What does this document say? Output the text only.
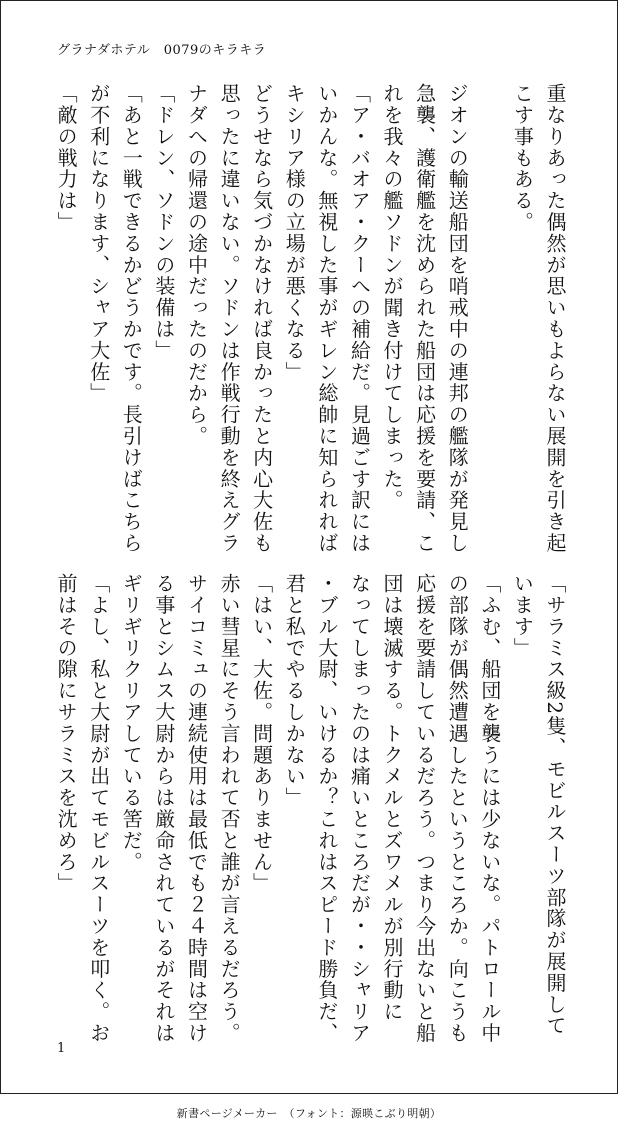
グラナダホテル　0079のキラキラ
重なりあった偶然が思いもよらない展開を引き起
こす事もある。

ジオンの輸送船団を哨戒中の連邦の艦隊が発見し
急襲、護衛艦を沈められた船団は応援を要請、こ
れを我々の艦ソドンが聞き付けてしまった。
「ア・バオア・クーへの補給だ。見過ごす訳には
いかんな。無視した事がギレン総帥に知られれば
キシリア様の立場が悪くなる」
どうせなら気づかなければ良かったと内心大佐も
思ったに違いない。ソドンは作戦行動を終えグラ
ナダへの帰還の途中だったのだから。
「ドレン、ソドンの装備は」
「あと一戦できるかどうかです。長引けばこちら
が不利になります、シャア大佐」
「敵の戦力は」
「サラミス級2隻、モビルスーツ部隊が展開して
います」
「ふむ、船団を襲うには少ないな。パトロール中
の部隊が偶然遭遇したというところか。向こうも
応援を要請しているだろう。つまり今出ないと船
団は壊滅する。トクメルとズワメルが別行動に
なってしまったのは痛いところだが・・シャリア
・ブル大尉、いけるか？これはスピード勝負だ、
君と私でやるしかない」
「はい、大佐。問題ありません」
赤い彗星にそう言われて否と誰が言えるだろう。
サイコミュの連続使用は最低でも２４時間は空け
る事とシムス大尉からは厳命されているがそれは
ギリギリクリアしている筈だ。
「よし、私と大尉が出てモビルスーツを叩く。お
前はその隙にサラミスを沈めろ」
1
新書ページメーカー　（フォント：源暎こぶり明朝）
